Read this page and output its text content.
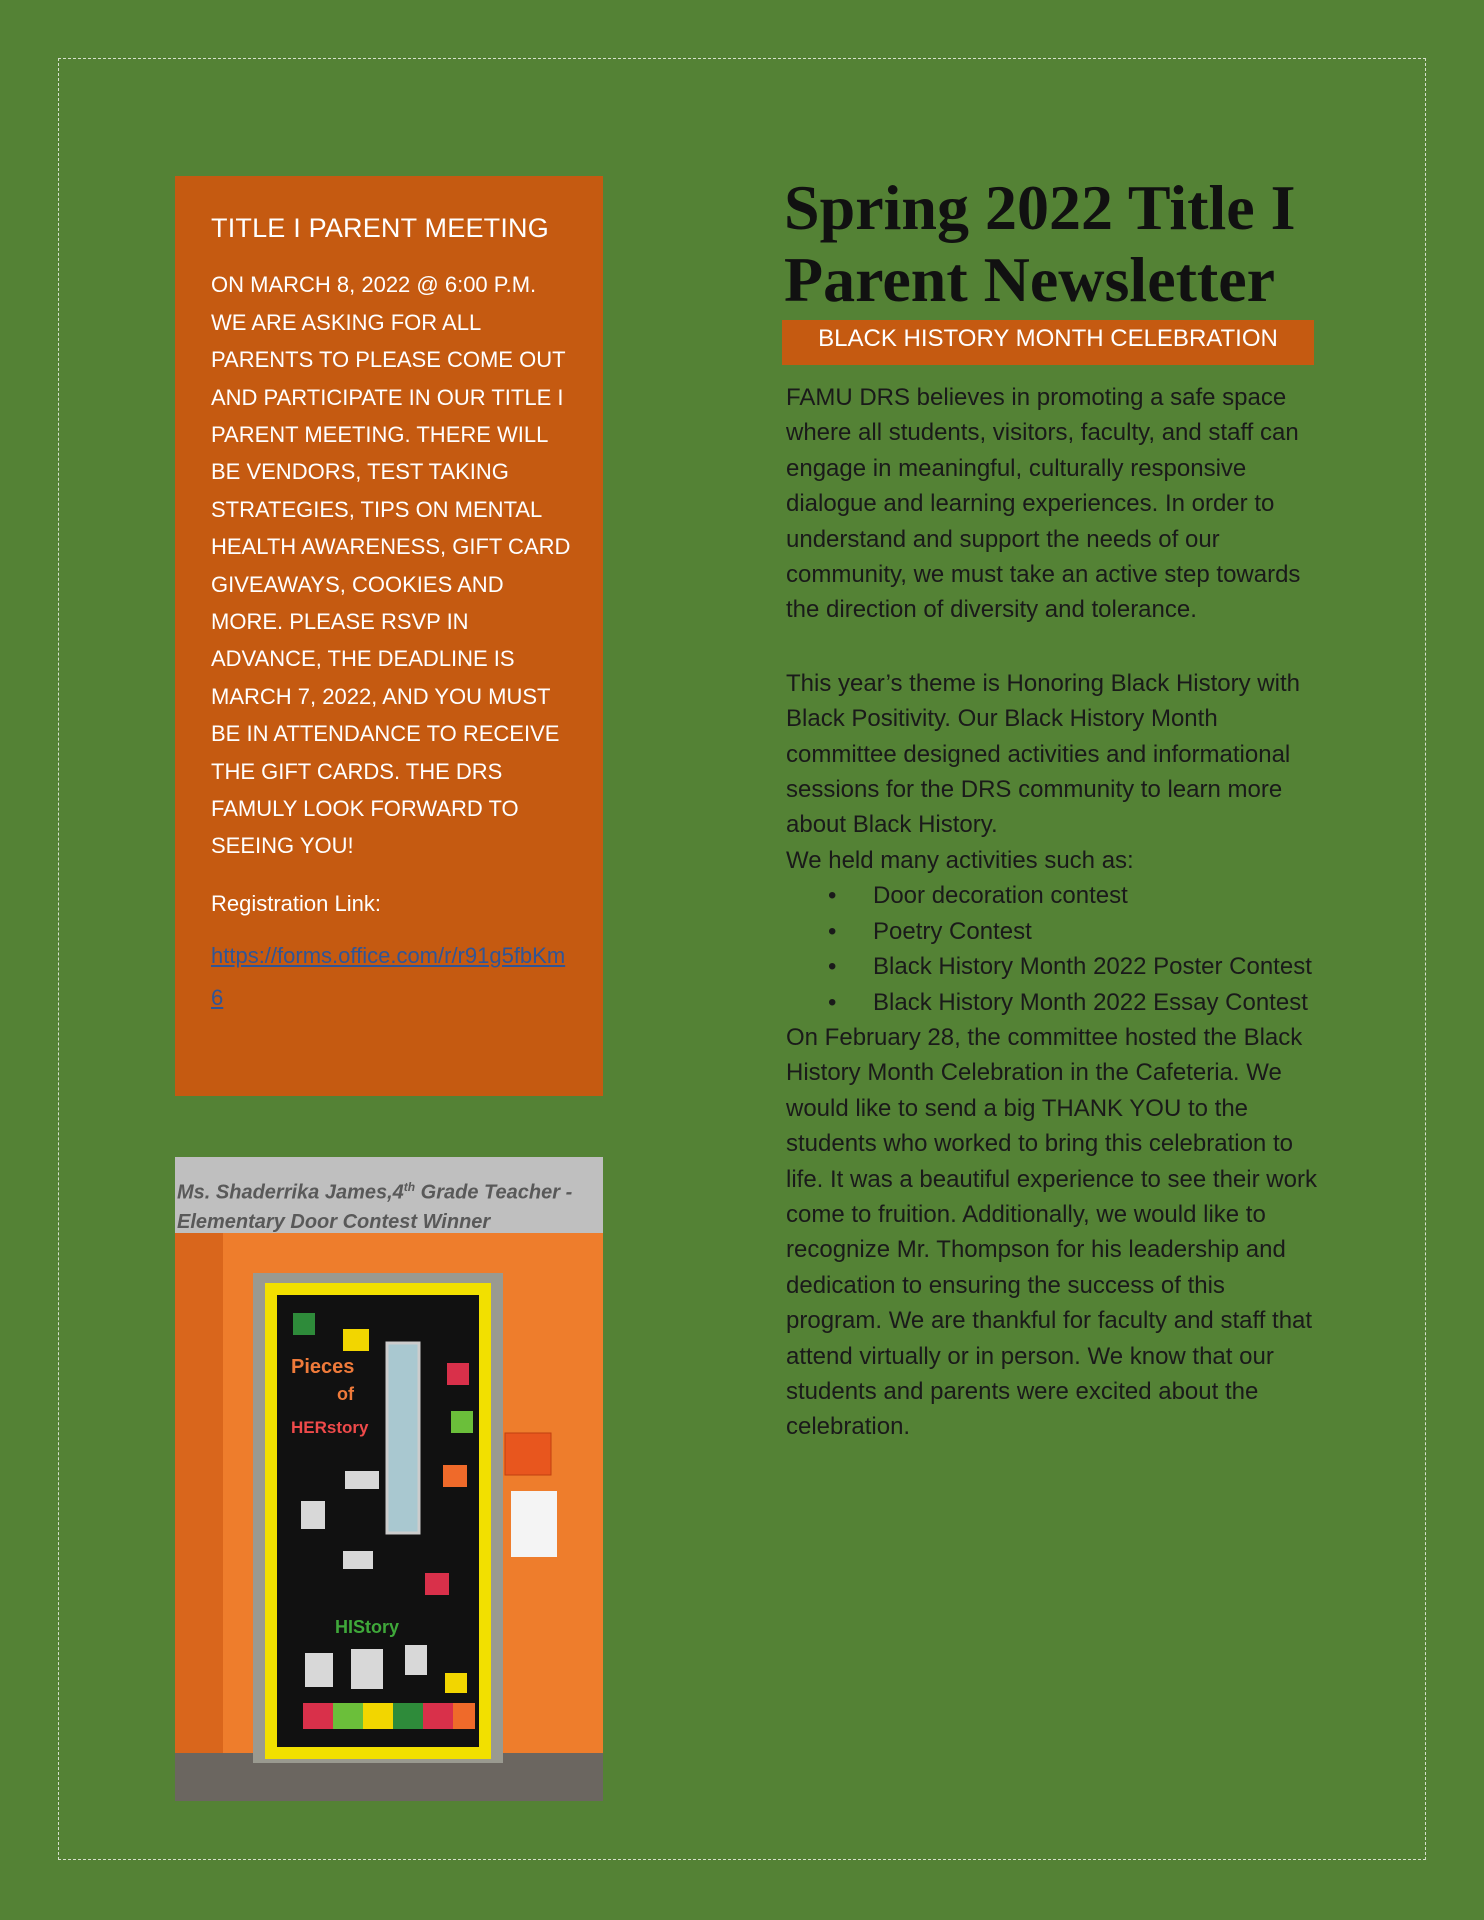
TITLE I PARENT MEETING

ON MARCH 8, 2022 @ 6:00 P.M. WE ARE ASKING FOR ALL PARENTS TO PLEASE COME OUT AND PARTICIPATE IN OUR TITLE I PARENT MEETING. THERE WILL BE VENDORS, TEST TAKING STRATEGIES, TIPS ON MENTAL HEALTH AWARENESS, GIFT CARD GIVEAWAYS, COOKIES AND MORE. PLEASE RSVP IN ADVANCE, THE DEADLINE IS MARCH 7, 2022, AND YOU MUST BE IN ATTENDANCE TO RECEIVE THE GIFT CARDS. THE DRS FAMULY LOOK FORWARD TO SEEING YOU!

Registration Link:
https://forms.office.com/r/r91g5fbKm6
Ms. Shaderrika James,4th Grade Teacher - Elementary Door Contest Winner
Pieces
of
HERstory
HIStory
Spring 2022 Title I Parent Newsletter
BLACK HISTORY MONTH CELEBRATION

FAMU DRS believes in promoting a safe space where all students, visitors, faculty, and staff can engage in meaningful, culturally responsive dialogue and learning experiences. In order to understand and support the needs of our community, we must take an active step towards the direction of diversity and tolerance.

This year’s theme is Honoring Black History with Black Positivity. Our Black History Month committee designed activities and informational sessions for the DRS community to learn more about Black History.

We held many activities such as:

• Door decoration contest
• Poetry Contest
• Black History Month 2022 Poster Contest
• Black History Month 2022 Essay Contest

On February 28, the committee hosted the Black History Month Celebration in the Cafeteria. We would like to send a big THANK YOU to the students who worked to bring this celebration to life. It was a beautiful experience to see their work come to fruition. Additionally, we would like to recognize Mr. Thompson for his leadership and dedication to ensuring the success of this program. We are thankful for faculty and staff that attend virtually or in person. We know that our students and parents were excited about the celebration.
